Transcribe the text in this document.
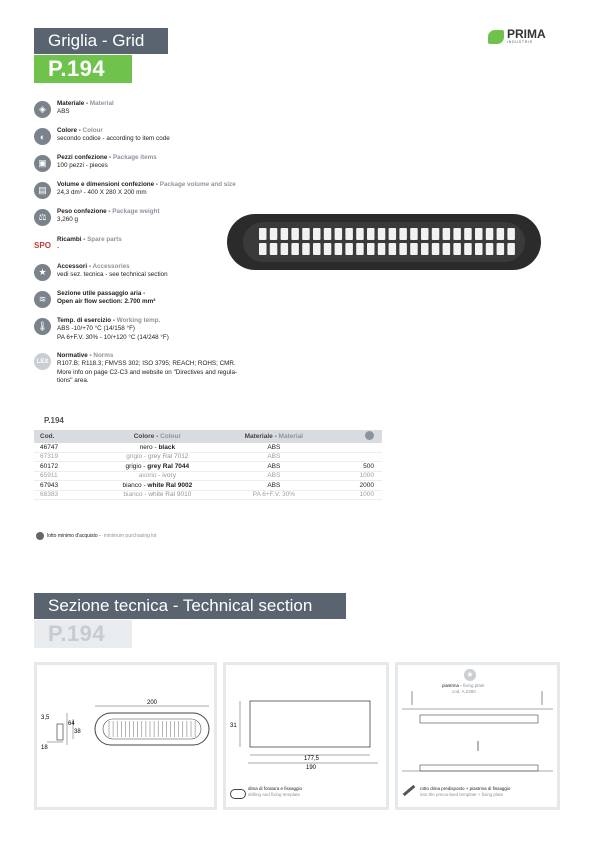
Griglia - Grid
P.194
PRIMA
INDUSTRIE
◈
Materiale - Material
ABS
◐
Colore - Colour
secondo codice - according to item code
▣
Pezzi confezione - Package items
100 pezzi - pieces
▤
Volume e dimensioni confezione - Package volume and size
24,3 dm³ - 400 X 280 X 200 mm
⚖
Peso confezione - Package weight
3,260 g
SPO
Ricambi - Spare parts
-
★
Accessori - Accessories
vedi sez. tecnica - see technical section
≋
Sezione utile passaggio aria -
Open air flow section: 2.700 mm²
🌡
Temp. di esercizio - Working temp.
ABS -10/+70 °C (14/158 °F)
PA 6+F.V. 30% - 10/+120 °C (14/248 °F)
LEX
Normative - Norms
R107.B; R118.3; FMVSS 302; ISO 3795; REACH; ROHS; CMR.
More info on page C2-C3 and website on "Directives and regula-
tions" area.
P.194
Cod.	Colore - Colour	Materiale - Material	
46747	nero - black	ABS	
67319	grigio - grey Ral 7012	ABS	
60172	grigio - grey Ral 7044	ABS	500
65911	avorio - ivory	ABS	1000
67943	bianco - white Ral 9002	ABS	2000
68383	bianco - white Ral 9010	PA 6+F.V. 30%	1000
lotto minimo d'acquisto - minimum purchasing lot
Sezione tecnica - Technical section
P.194
200
3,5
64
38
18
31
177,5
190
dima di foratura e fissaggio
drilling and fixing template
★
piastrina - fixing plate
cod. A.2380
rotto dima predisposto + piastrina di fissaggio
into the preconised template + fixing plate
